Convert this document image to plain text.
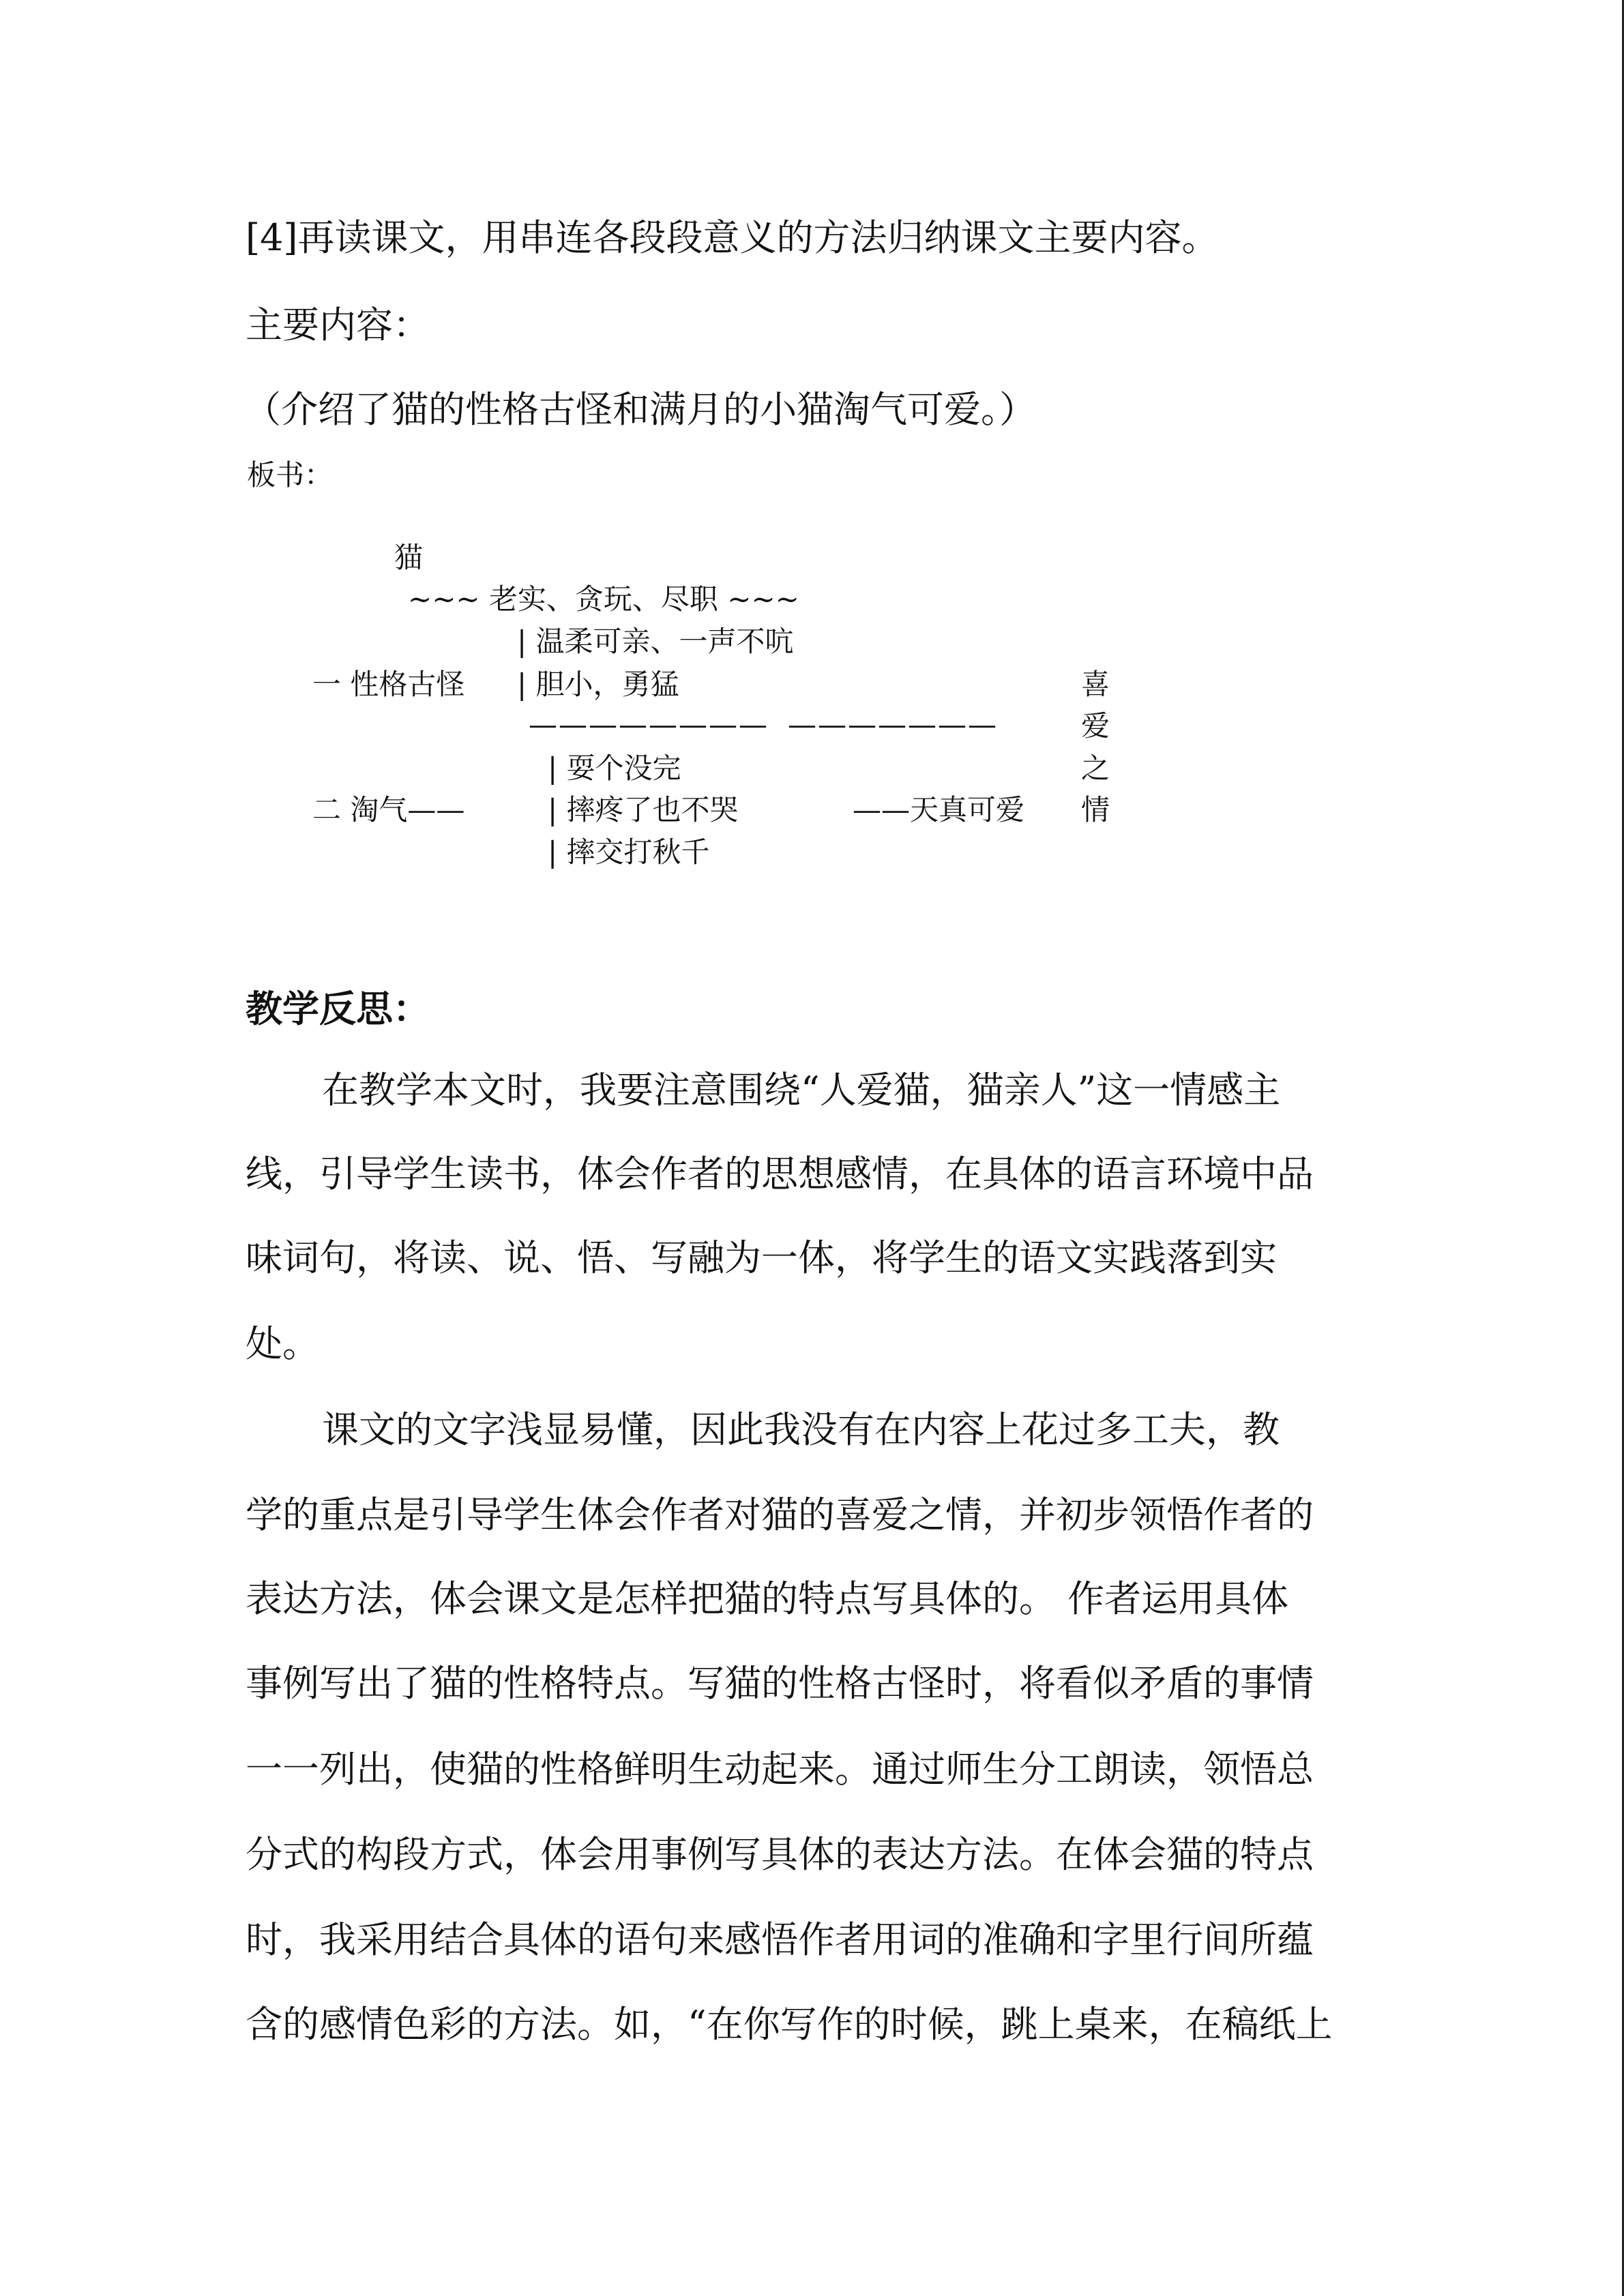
[4]再读课文，用串连各段段意义的方法归纳课文主要内容。
主要内容：
（介绍了猫的性格古怪和满月的小猫淘气可爱。）
板书：
猫
~~~ 老实、贪玩、尽职 ~~~
| 温柔可亲、一声不吭
一 性格古怪 | 胆小，勇猛
———————— ———————
| 耍个没完
二 淘气——	| 摔疼了也不哭	——天真可爱
| 摔交打秋千
喜
爱
之
情
教学反思：
在教学本文时，我要注意围绕“人爱猫，猫亲人”这一情感主
线，引导学生读书，体会作者的思想感情，在具体的语言环境中品
味词句，将读、说、悟、写融为一体，将学生的语文实践落到实
处。
课文的文字浅显易懂，因此我没有在内容上花过多工夫，教
学的重点是引导学生体会作者对猫的喜爱之情，并初步领悟作者的
表达方法，体会课文是怎样把猫的特点写具体的。 作者运用具体
事例写出了猫的性格特点。写猫的性格古怪时，将看似矛盾的事情
一一列出，使猫的性格鲜明生动起来。通过师生分工朗读，领悟总
分式的构段方式，体会用事例写具体的表达方法。在体会猫的特点
时，我采用结合具体的语句来感悟作者用词的准确和字里行间所蕴
含的感情色彩的方法。如，“在你写作的时候，跳上桌来，在稿纸上
